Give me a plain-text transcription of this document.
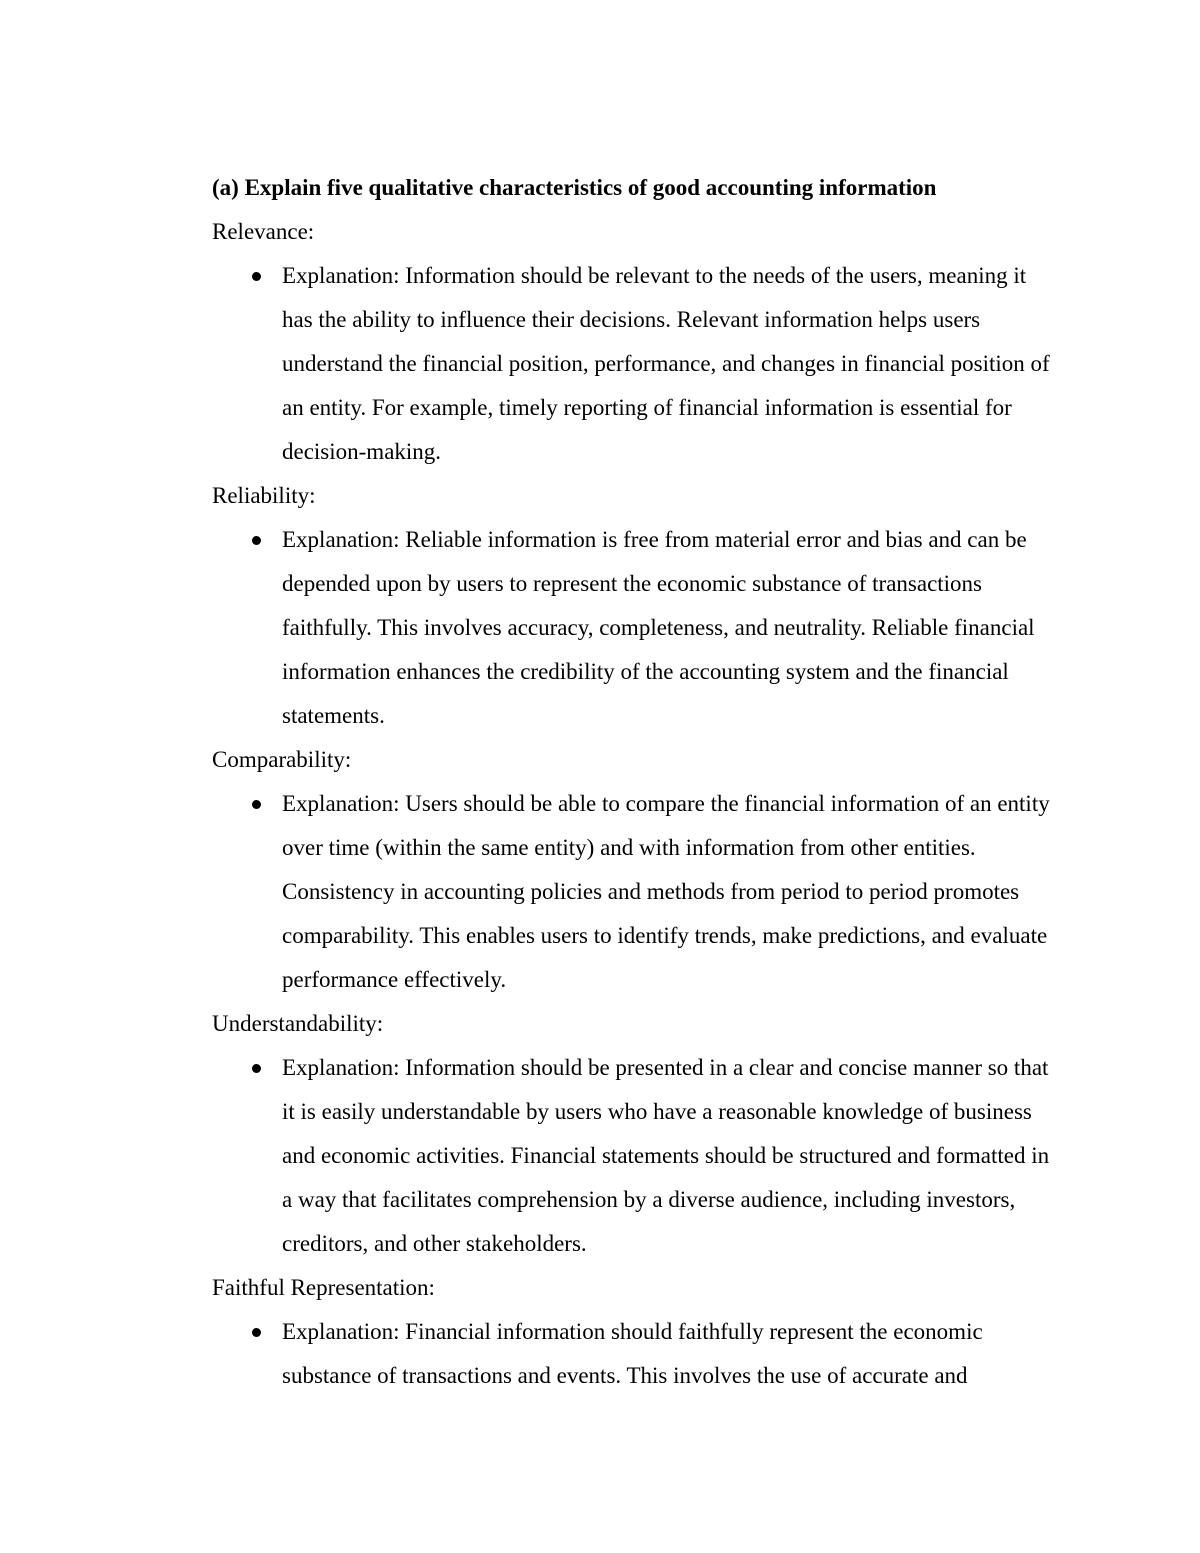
(a) Explain five qualitative characteristics of good accounting information

Relevance:

Explanation: Information should be relevant to the needs of the users, meaning it has the ability to influence their decisions. Relevant information helps users understand the financial position, performance, and changes in financial position of an entity. For example, timely reporting of financial information is essential for decision-making.

Reliability:

Explanation: Reliable information is free from material error and bias and can be depended upon by users to represent the economic substance of transactions faithfully. This involves accuracy, completeness, and neutrality. Reliable financial information enhances the credibility of the accounting system and the financial statements.

Comparability:

Explanation: Users should be able to compare the financial information of an entity over time (within the same entity) and with information from other entities. Consistency in accounting policies and methods from period to period promotes comparability. This enables users to identify trends, make predictions, and evaluate performance effectively.

Understandability:

Explanation: Information should be presented in a clear and concise manner so that it is easily understandable by users who have a reasonable knowledge of business and economic activities. Financial statements should be structured and formatted in a way that facilitates comprehension by a diverse audience, including investors, creditors, and other stakeholders.

Faithful Representation:

Explanation: Financial information should faithfully represent the economic substance of transactions and events. This involves the use of accurate and
